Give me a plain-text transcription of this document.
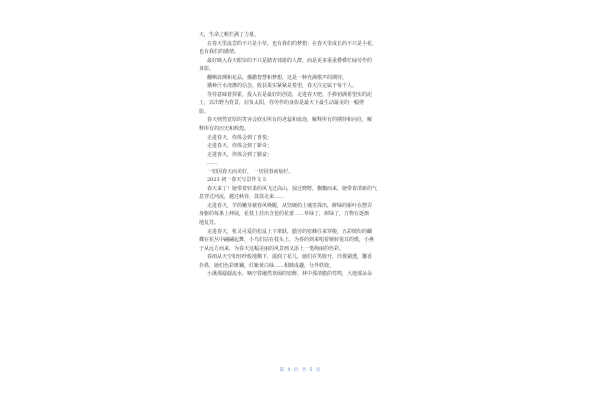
天，生命之帆栏满了力量。
在春天里流尝的不只是小草，也有我们的梦想；在春天里成长的不只是小花，
也有我们的感情。
最好映入春天眼帘的不只是踏青郊游的人群，而是更多重重叠叠忙碌劳作的
身影。
翻晒谚测和花品，播撒智慧和梦想，这是一种充满歌声的期待。
播种汗水浇灌的信念，收获果实紧紧是希望，春天注定属于每个人。
等待意味着挥霍，投入在是最好的创造，走进春天吧，手捧初满希望实的泥
土，以出野为背景，肩负太阳，你劳作的身影是最天下最生动最美的一幅剪
影。
春天则然宽厚的笑容会欣实所有的老蕊和血泡，解释所有的期待和向往，解
释所有的历史和辉煌。
走进春天，你体会到了喜悦；
走进春天，你体会到了新奇；
走进春天，你体会到了勤奋；
……
一切因春天而美好， 一切因春而灿烂。
2023 初一春天写景作文 5
春天来了！她带着轻柔的风飞过高山，掠过晓野，飘飘而来，她带着清新的气
息穿过河流，越过峡谷，款款走来……
走进春天，芊的嫩芽被春风唤醒，从坚硬的土壤里探出，鲜绿的新叶在摆弄
身躯的每条上伸展，花枝上挂出含苞的花蕾……草绿了，树绿了，万物在逐渐
地复苏。
走进春天，机灵可爱的松鼠上下窜跃，勤劳的密蜂往来穿梭，五彩缤纷的蝴
蝶在花丛中翩翩起舞，小鸟们站在枝头上，为春的到来唱着婉转悦耳的歌，小燕
子从远方而来，为春天这幅美丽的风景画又添上一笔绚丽的色彩。
春雨从天空如轻纱般地飘下，滋润了花儿，她们在笑脸开，玲珑剔透，馨香
扑鼻，她们色彩斑斓，红紫黄白绿……相映成趣，分外妖娆。
小溪那潺潺流水，嘀空着融然欢闹的密醉，林中那清脆的莺鸣，大地那朵朵
第 4 页 共 5 页
